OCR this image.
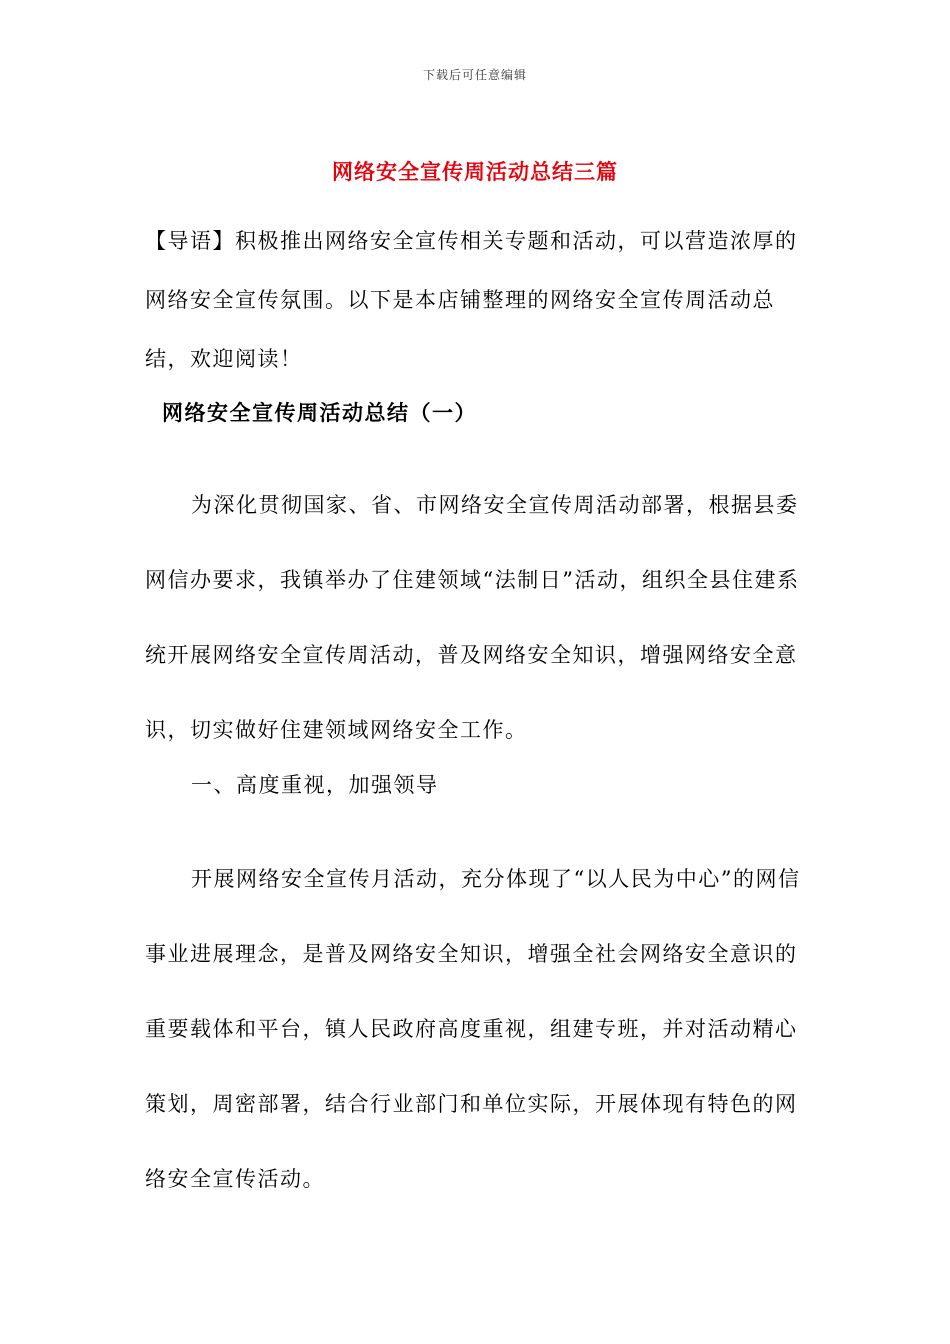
下载后可任意编辑
网络安全宣传周活动总结三篇

【导语】积极推出网络安全宣传相关专题和活动，可以营造浓厚的网络安全宣传氛围。以下是本店铺整理的网络安全宣传周活动总结，欢迎阅读！

网络安全宣传周活动总结（一）

为深化贯彻国家、省、市网络安全宣传周活动部署，根据县委网信办要求，我镇举办了住建领域“法制日”活动，组织全县住建系统开展网络安全宣传周活动，普及网络安全知识，增强网络安全意识，切实做好住建领域网络安全工作。

一、高度重视，加强领导

开展网络安全宣传月活动，充分体现了“以人民为中心”的网信事业进展理念，是普及网络安全知识，增强全社会网络安全意识的重要载体和平台，镇人民政府高度重视，组建专班，并对活动精心策划，周密部署，结合行业部门和单位实际，开展体现有特色的网络安全宣传活动。
